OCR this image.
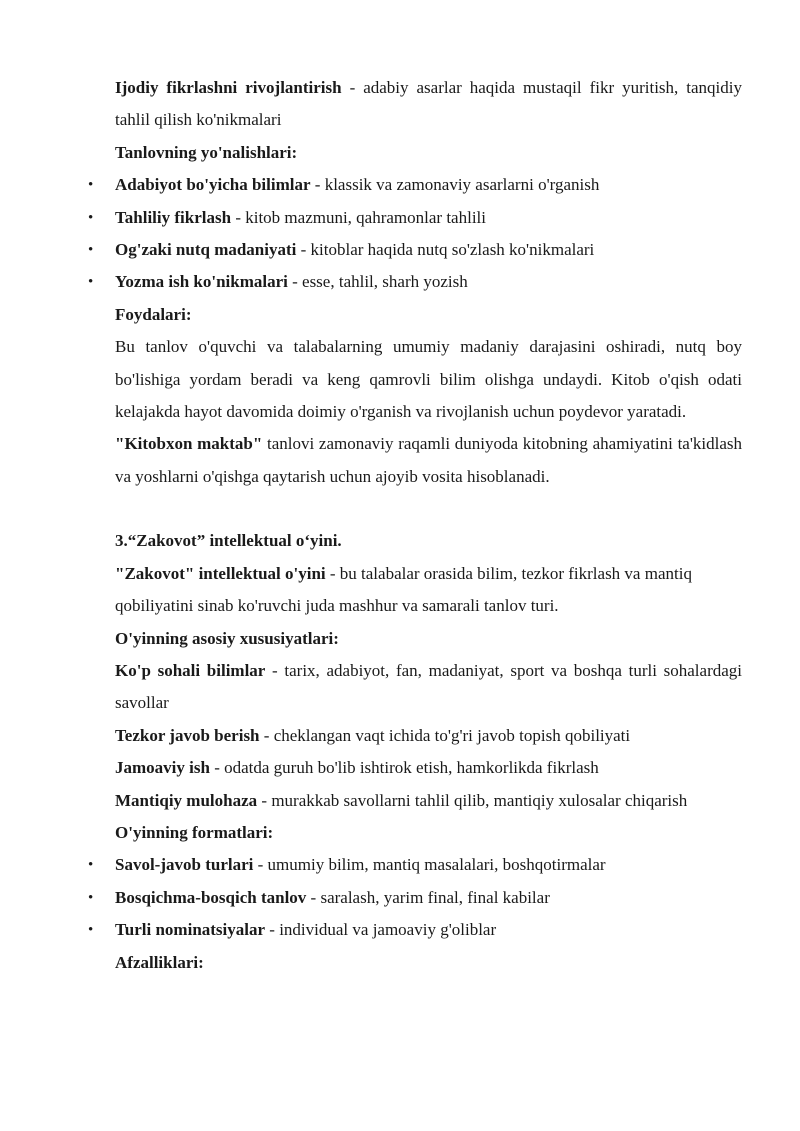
Ijodiy fikrlashni rivojlantirish - adabiy asarlar haqida mustaqil fikr yuritish, tanqidiy tahlil qilish ko'nikmalari
Tanlovning yo'nalishlari:
• Adabiyot bo'yicha bilimlar - klassik va zamonaviy asarlarni o'rganish
• Tahliliy fikrlash - kitob mazmuni, qahramonlar tahlili
• Og'zaki nutq madaniyati - kitoblar haqida nutq so'zlash ko'nikmalari
• Yozma ish ko'nikmalari - esse, tahlil, sharh yozish
Foydalari:
Bu tanlov o'quvchi va talabalarning umumiy madaniy darajasini oshiradi, nutq boy bo'lishiga yordam beradi va keng qamrovli bilim olishga undaydi. Kitob o'qish odati kelajakda hayot davomida doimiy o'rganish va rivojlanish uchun poydevor yaratadi.
"Kitobxon maktab" tanlovi zamonaviy raqamli duniyoda kitobning ahamiyatini ta'kidlash va yoshlarni o'qishga qaytarish uchun ajoyib vosita hisoblanadi.
3.“Zakovot” intellektual o‘yini.
"Zakovot" intellektual o'yini - bu talabalar orasida bilim, tezkor fikrlash va mantiq qobiliyatini sinab ko'ruvchi juda mashhur va samarali tanlov turi.
O'yinning asosiy xususiyatlari:
Ko'p sohali bilimlar - tarix, adabiyot, fan, madaniyat, sport va boshqa turli sohalardagi savollar
Tezkor javob berish - cheklangan vaqt ichida to'g'ri javob topish qobiliyati
Jamoaviy ish - odatda guruh bo'lib ishtirok etish, hamkorlikda fikrlash
Mantiqiy mulohaza - murakkab savollarni tahlil qilib, mantiqiy xulosalar chiqarish
O'yinning formatlari:
• Savol-javob turlari - umumiy bilim, mantiq masalalari, boshqotirmalar
• Bosqichma-bosqich tanlov - saralash, yarim final, final kabilar
• Turli nominatsiyalar - individual va jamoaviy g'oliblar
Afzalliklari:
